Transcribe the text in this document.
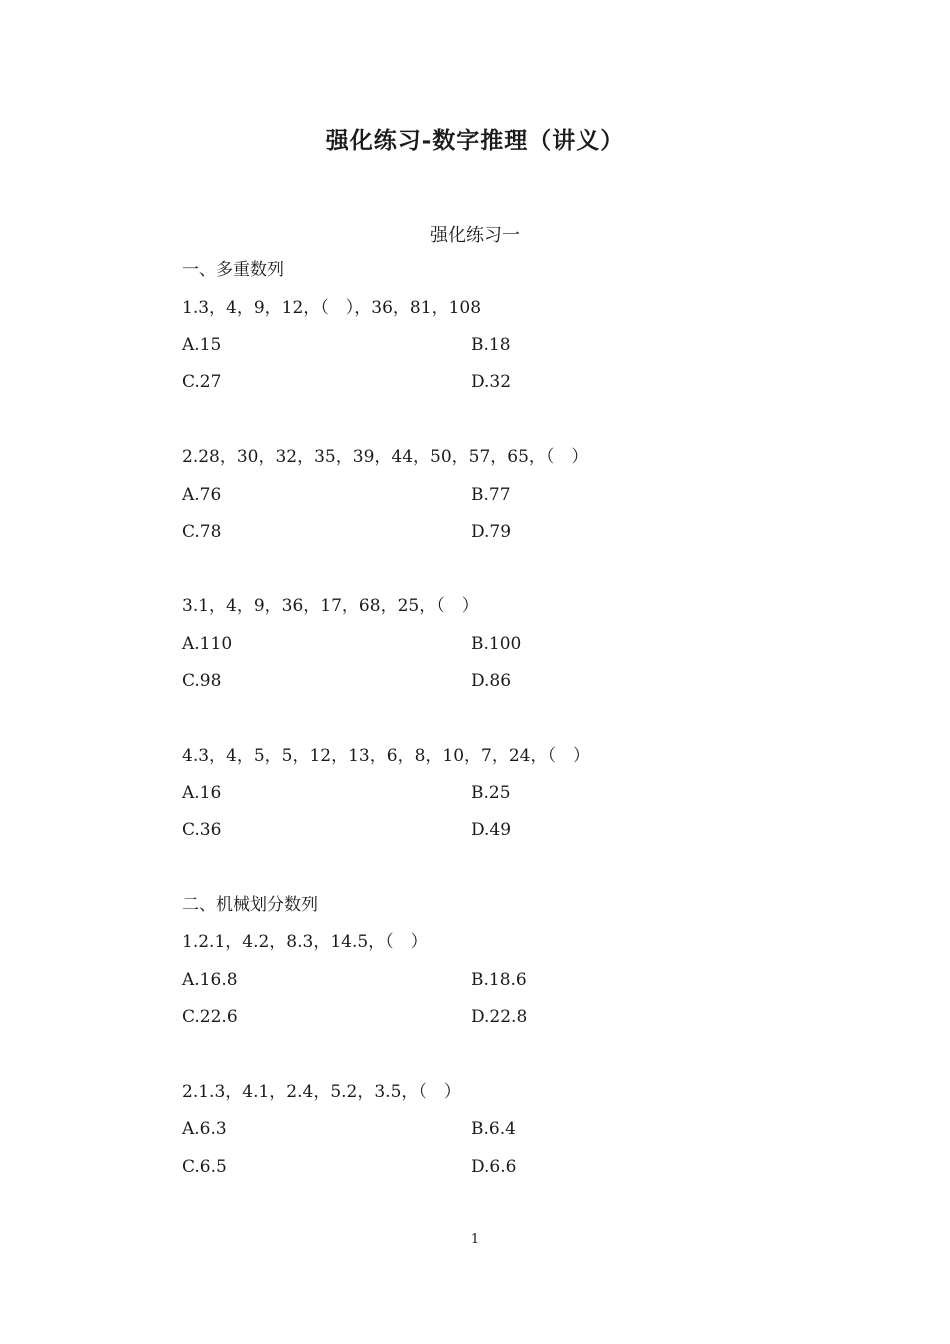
强化练习-数字推理（讲义）
强化练习一
一、多重数列
1.3，4，9，12，（　），36，81，108
A.15	B.18
C.27	D.32
2.28，30，32，35，39，44，50，57，65，（　）
A.76	B.77
C.78	D.79
3.1，4，9，36，17，68，25，（　）
A.110	B.100
C.98	D.86
4.3，4，5，5，12，13，6，8，10，7，24，（　）
A.16	B.25
C.36	D.49
二、机械划分数列
1.2.1，4.2，8.3，14.5，（　）
A.16.8	B.18.6
C.22.6	D.22.8
2.1.3，4.1，2.4，5.2，3.5，（　）
A.6.3	B.6.4
C.6.5	D.6.6
1
